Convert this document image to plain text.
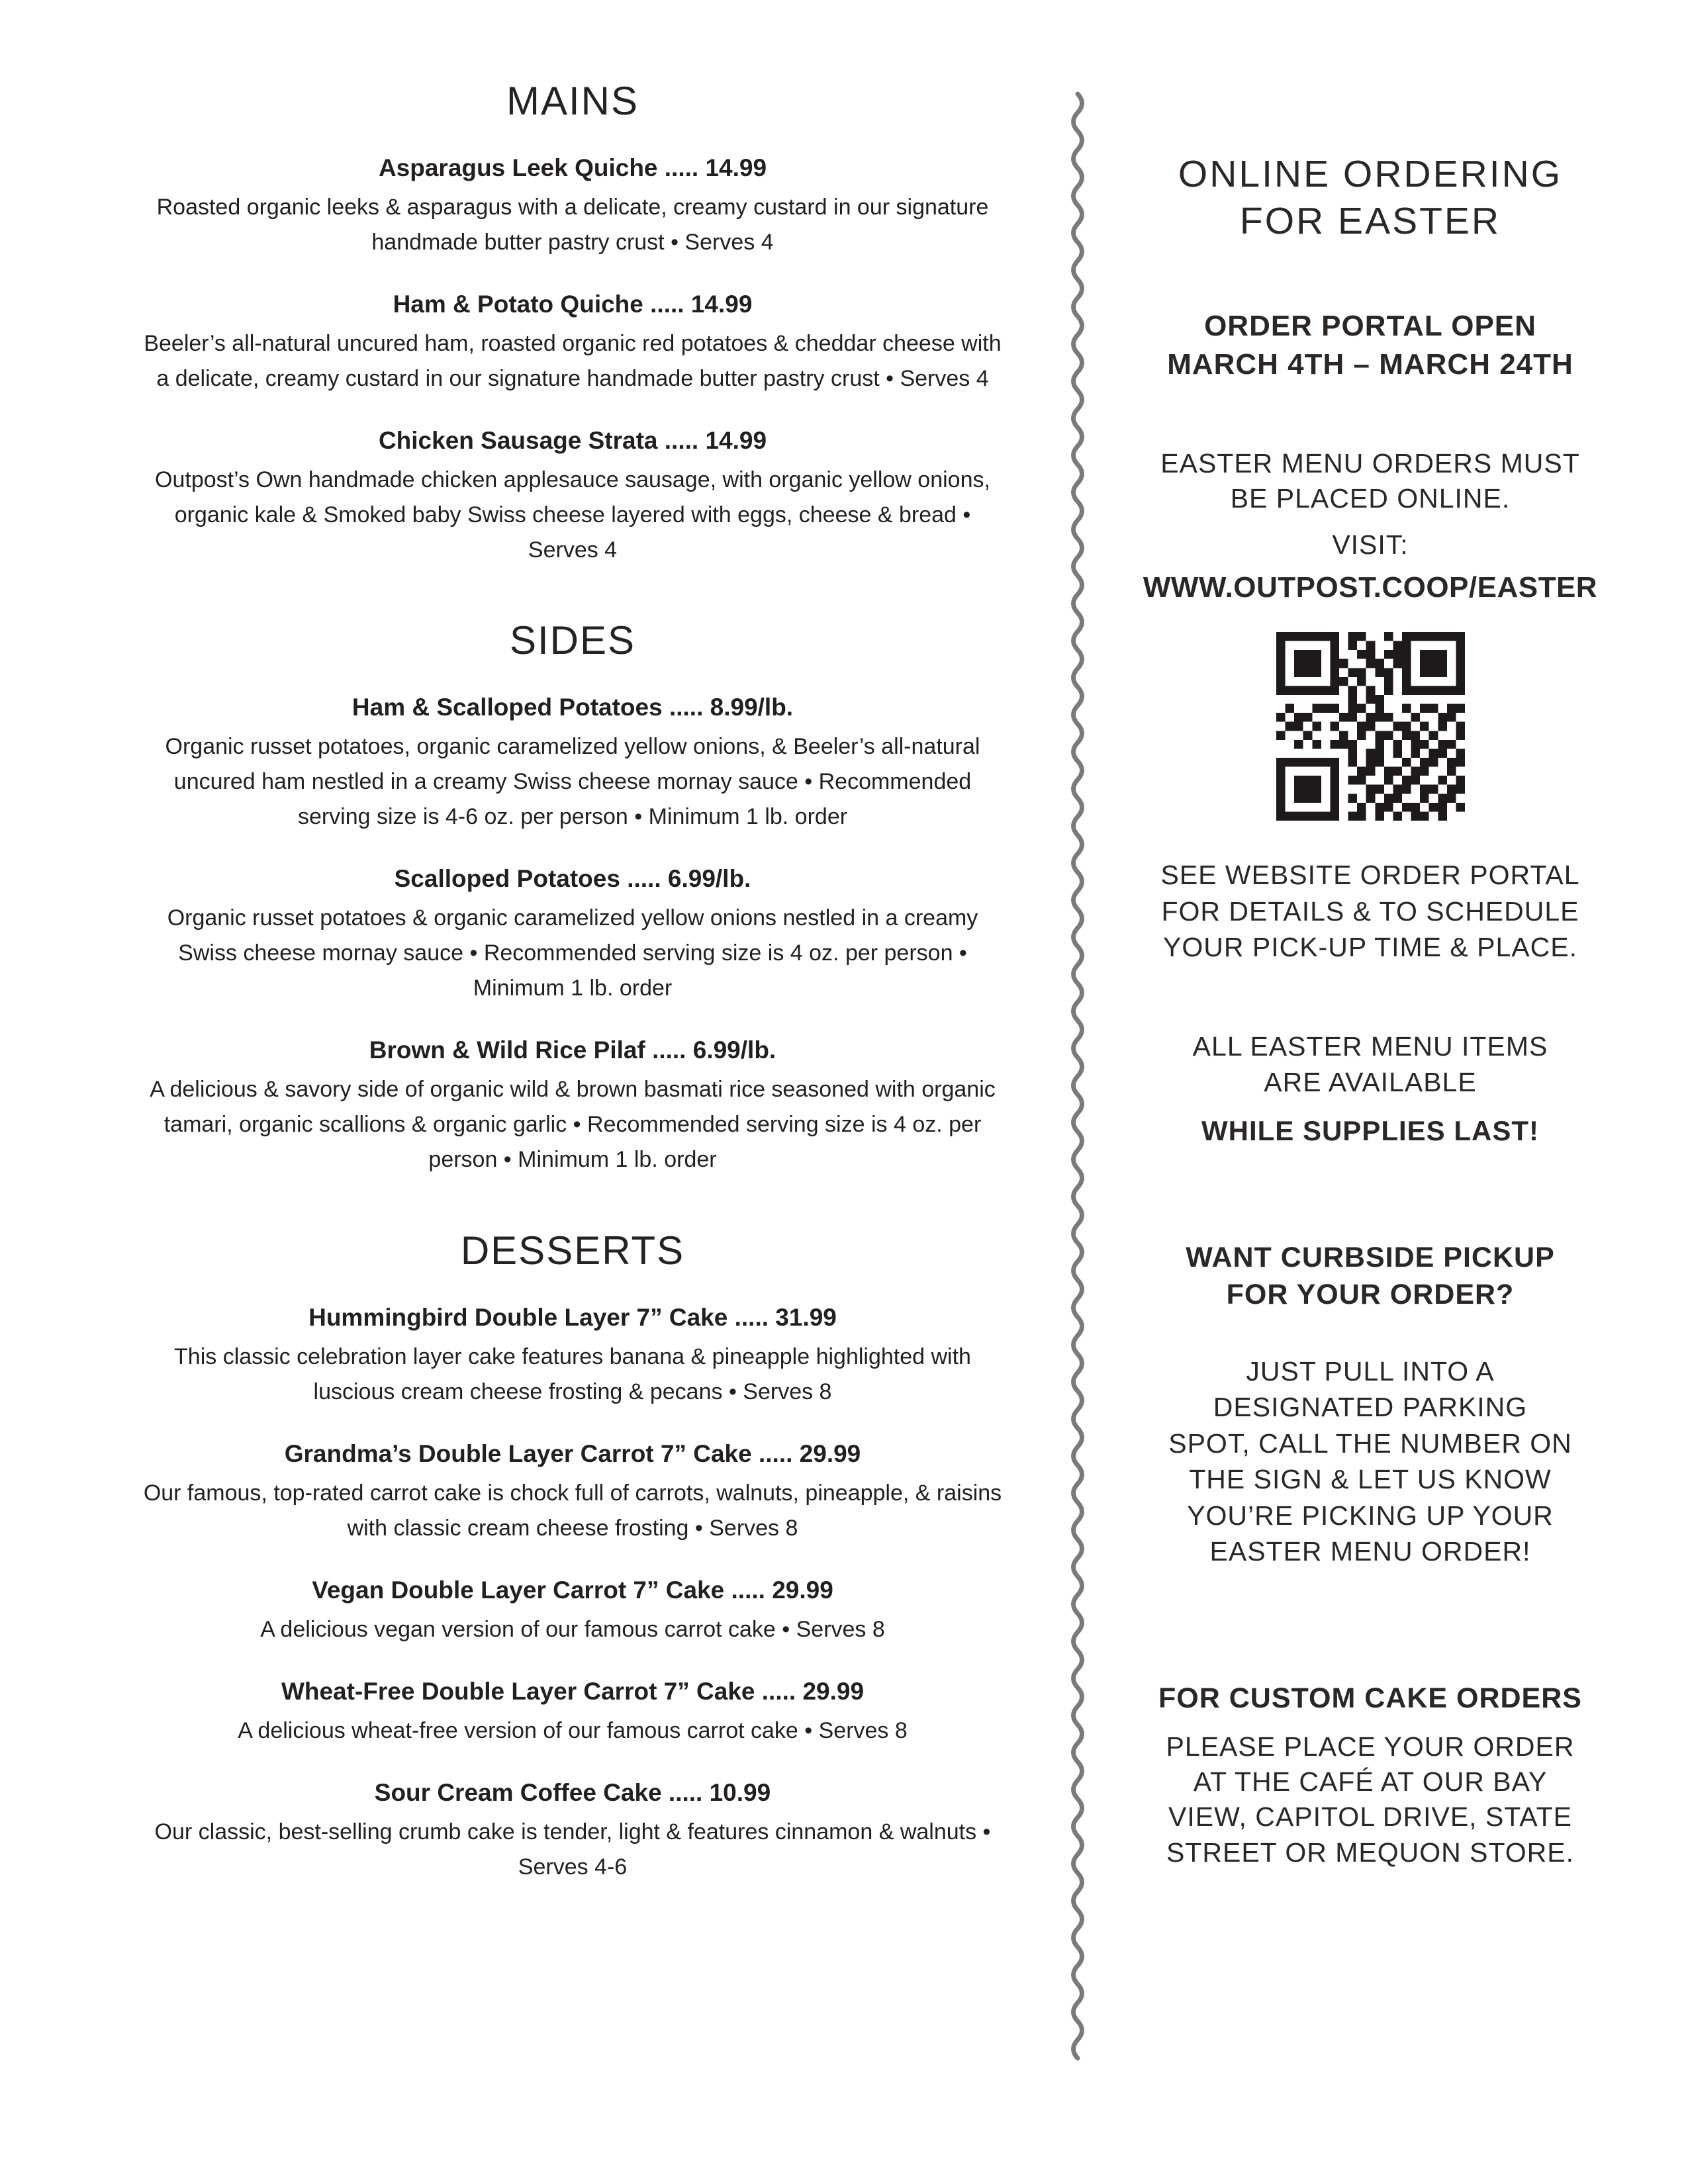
MAINS
Asparagus Leek Quiche ..... 14.99
Roasted organic leeks & asparagus with a delicate, creamy custard in our signature handmade butter pastry crust • Serves 4
Ham & Potato Quiche ..... 14.99
Beeler’s all-natural uncured ham, roasted organic red potatoes & cheddar cheese with a delicate, creamy custard in our signature handmade butter pastry crust • Serves 4
Chicken Sausage Strata ..... 14.99
Outpost’s Own handmade chicken applesauce sausage, with organic yellow onions, organic kale & Smoked baby Swiss cheese layered with eggs, cheese & bread • Serves 4
SIDES
Ham & Scalloped Potatoes ..... 8.99/lb.
Organic russet potatoes, organic caramelized yellow onions, & Beeler’s all-natural uncured ham nestled in a creamy Swiss cheese mornay sauce • Recommended serving size is 4-6 oz. per person • Minimum 1 lb. order
Scalloped Potatoes ..... 6.99/lb.
Organic russet potatoes & organic caramelized yellow onions nestled in a creamy Swiss cheese mornay sauce • Recommended serving size is 4 oz. per person • Minimum 1 lb. order
Brown & Wild Rice Pilaf ..... 6.99/lb.
A delicious & savory side of organic wild & brown basmati rice seasoned with organic tamari, organic scallions & organic garlic • Recommended serving size is 4 oz. per person • Minimum 1 lb. order
DESSERTS
Hummingbird Double Layer 7” Cake ..... 31.99
This classic celebration layer cake features banana & pineapple highlighted with luscious cream cheese frosting & pecans • Serves 8
Grandma’s Double Layer Carrot 7” Cake ..... 29.99
Our famous, top-rated carrot cake is chock full of carrots, walnuts, pineapple, & raisins with classic cream cheese frosting • Serves 8
Vegan Double Layer Carrot 7” Cake ..... 29.99
A delicious vegan version of our famous carrot cake • Serves 8
Wheat-Free Double Layer Carrot 7” Cake ..... 29.99
A delicious wheat-free version of our famous carrot cake • Serves 8
Sour Cream Coffee Cake ..... 10.99
Our classic, best-selling crumb cake is tender, light & features cinnamon & walnuts • Serves 4-6
ONLINE ORDERING
FOR EASTER
ORDER PORTAL OPEN
MARCH 4TH – MARCH 24TH
EASTER MENU ORDERS MUST
BE PLACED ONLINE.
VISIT:
WWW.OUTPOST.COOP/EASTER
SEE WEBSITE ORDER PORTAL
FOR DETAILS & TO SCHEDULE
YOUR PICK-UP TIME & PLACE.
ALL EASTER MENU ITEMS
ARE AVAILABLE
WHILE SUPPLIES LAST!
WANT CURBSIDE PICKUP
FOR YOUR ORDER?
JUST PULL INTO A
DESIGNATED PARKING
SPOT, CALL THE NUMBER ON
THE SIGN & LET US KNOW
YOU’RE PICKING UP YOUR
EASTER MENU ORDER!
FOR CUSTOM CAKE ORDERS
PLEASE PLACE YOUR ORDER
AT THE CAFÉ AT OUR BAY
VIEW, CAPITOL DRIVE, STATE
STREET OR MEQUON STORE.
